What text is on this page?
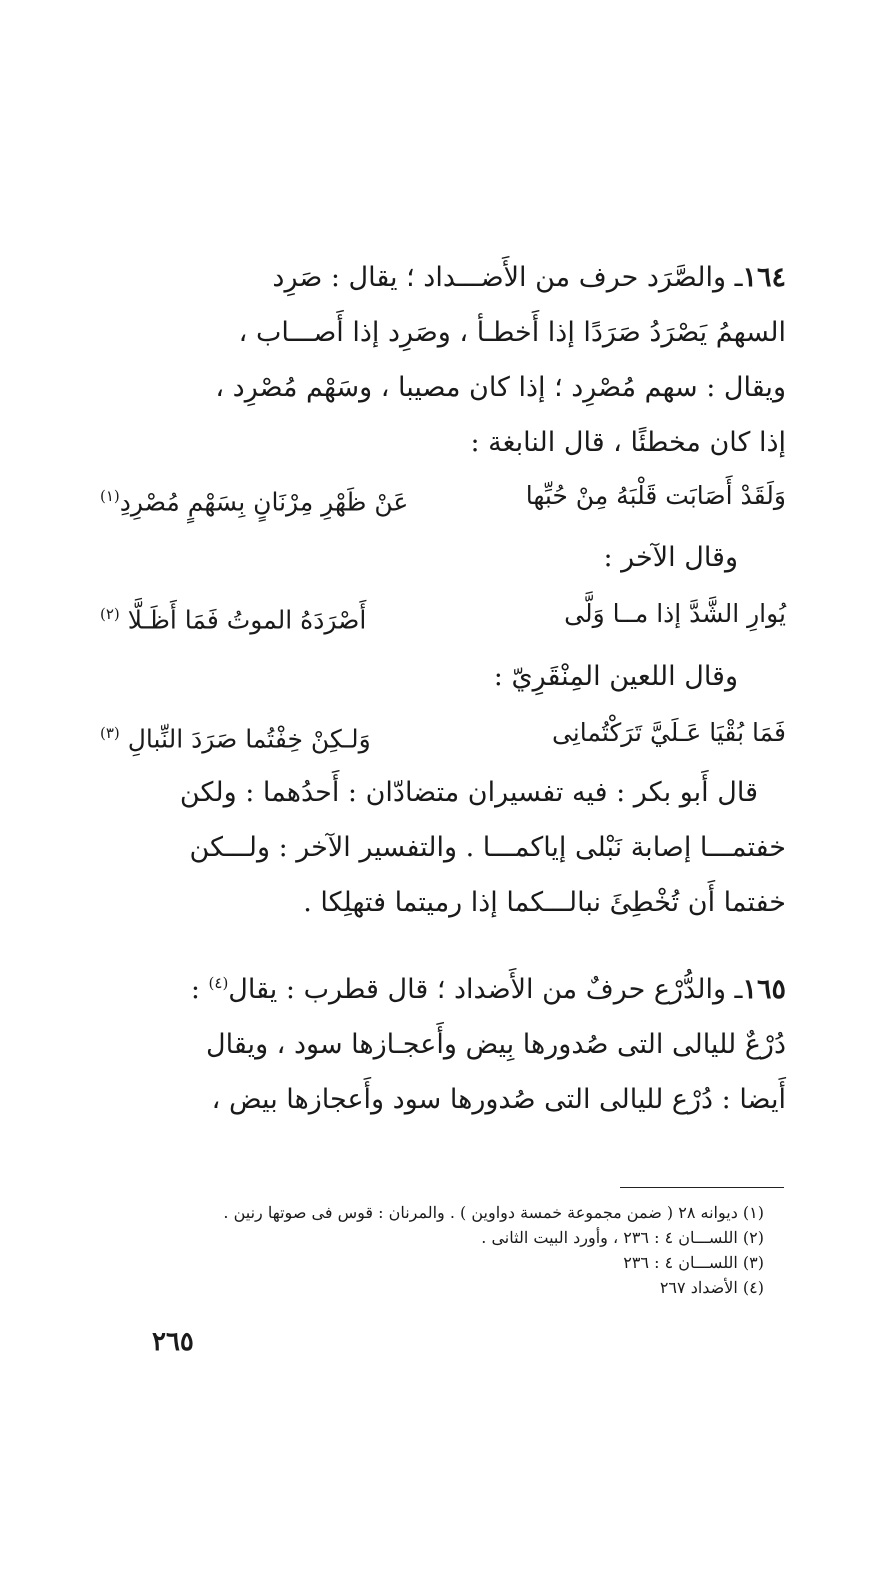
١٦٤ـ والصَّرَد حرف من الأَضـــداد ؛ يقال : صَرِد

السهمُ يَصْرَدُ صَرَدًا إذا أَخطـأ ، وصَرِد إذا أَصـــاب ،

ويقال : سهم مُصْرِد ؛ إذا كان مصيبا ، وسَهْم مُصْرِد ،

إذا كان مخطئًا ، قال النابغة :

وَلَقَدْ أَصَابَت قَلْبَهُ مِنْ حُبِّها
عَنْ ظَهْرِ مِرْنَانٍ بِسَهْمٍ مُصْرِدِ$^{(١)}$

وقال الآخر :

يُوارِ الشَّدَّ إذا مــا وَلَّى
أَصْرَدَهُ الموتُ فَمَا أَظَـلَّا $^{(٢)}$

وقال اللعين المِنْقَرِيّ :

فَمَا بُقْيَا عَـلَيَّ تَرَكْتُمانِى
وَلـكِنْ خِفْتُما صَرَدَ النِّبالِ $^{(٣)}$

قال أَبو بكر : فيه تفسيران متضادّان : أَحدُهما : ولكن

خفتمـــا إصابة نَبْلى إياكمـــا . والتفسير الآخر : ولـــكن

خفتما أَن تُخْطِئَ نبالـــكما إذا رميتما فتهلِكا .

١٦٥ـ والدُّرْع حرفٌ من الأَضداد ؛ قال قطرب : يقال$^{(٤)}$ :

دُرْعٌ لليالى التى صُدورها بِيض وأَعجـازها سود ، ويقال

أَيضا : دُرْع لليالى التى صُدورها سود وأَعجازها بيض ،

(١) ديوانه ٢٨ ( ضمن مجموعة خمسة دواوين ) . والمرنان : قوس فى صوتها رنين .

(٢) اللســـان ٤ : ٢٣٦ ، وأورد البيت الثانى .

(٣) اللســـان ٤ : ٢٣٦

(٤) الأضداد ٢٦٧

٢٦٥
